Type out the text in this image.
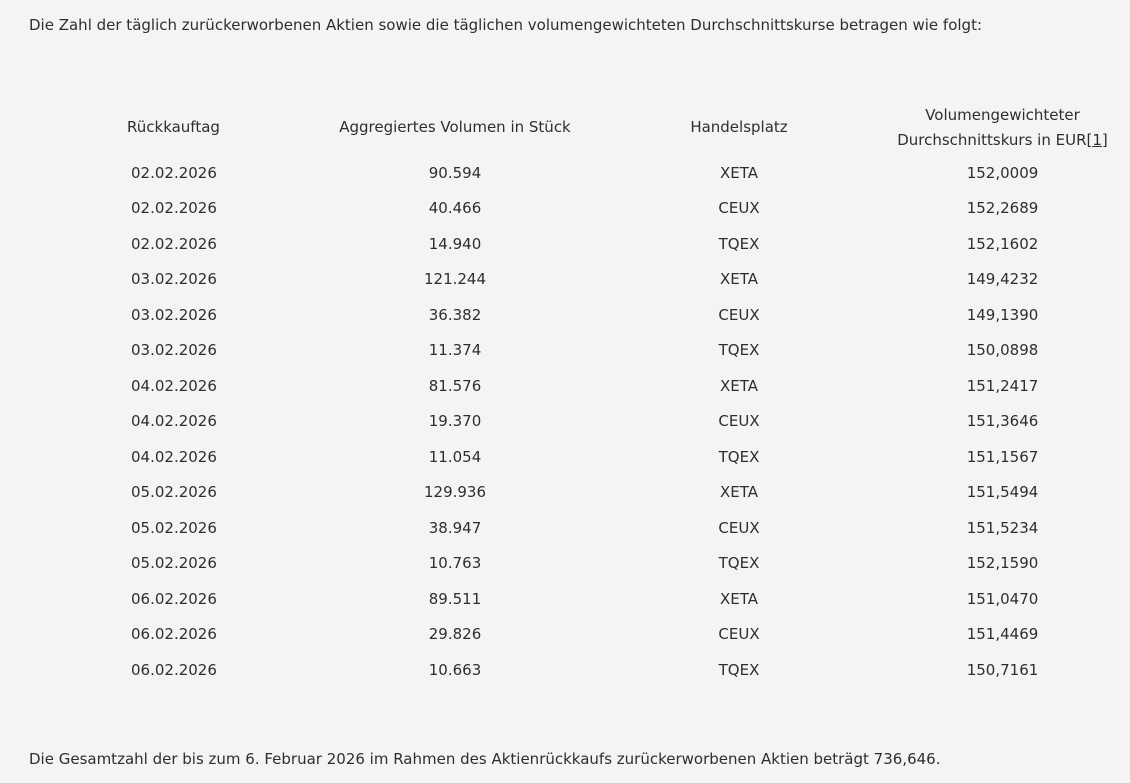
Die Zahl der täglich zurückerworbenen Aktien sowie die täglichen volumengewichteten Durchschnittskurse betragen wie folgt:

Rückkauftag	Aggregiertes Volumen in Stück	Handelsplatz	Volumengewichteter
Durchschnittskurs in EUR[1]
02.02.2026	90.594	XETA	152,0009
02.02.2026	40.466	CEUX	152,2689
02.02.2026	14.940	TQEX	152,1602
03.02.2026	121.244	XETA	149,4232
03.02.2026	36.382	CEUX	149,1390
03.02.2026	11.374	TQEX	150,0898
04.02.2026	81.576	XETA	151,2417
04.02.2026	19.370	CEUX	151,3646
04.02.2026	11.054	TQEX	151,1567
05.02.2026	129.936	XETA	151,5494
05.02.2026	38.947	CEUX	151,5234
05.02.2026	10.763	TQEX	152,1590
06.02.2026	89.511	XETA	151,0470
06.02.2026	29.826	CEUX	151,4469
06.02.2026	10.663	TQEX	150,7161

Die Gesamtzahl der bis zum 6. Februar 2026 im Rahmen des Aktienrückkaufs zurückerworbenen Aktien beträgt 736,646.
